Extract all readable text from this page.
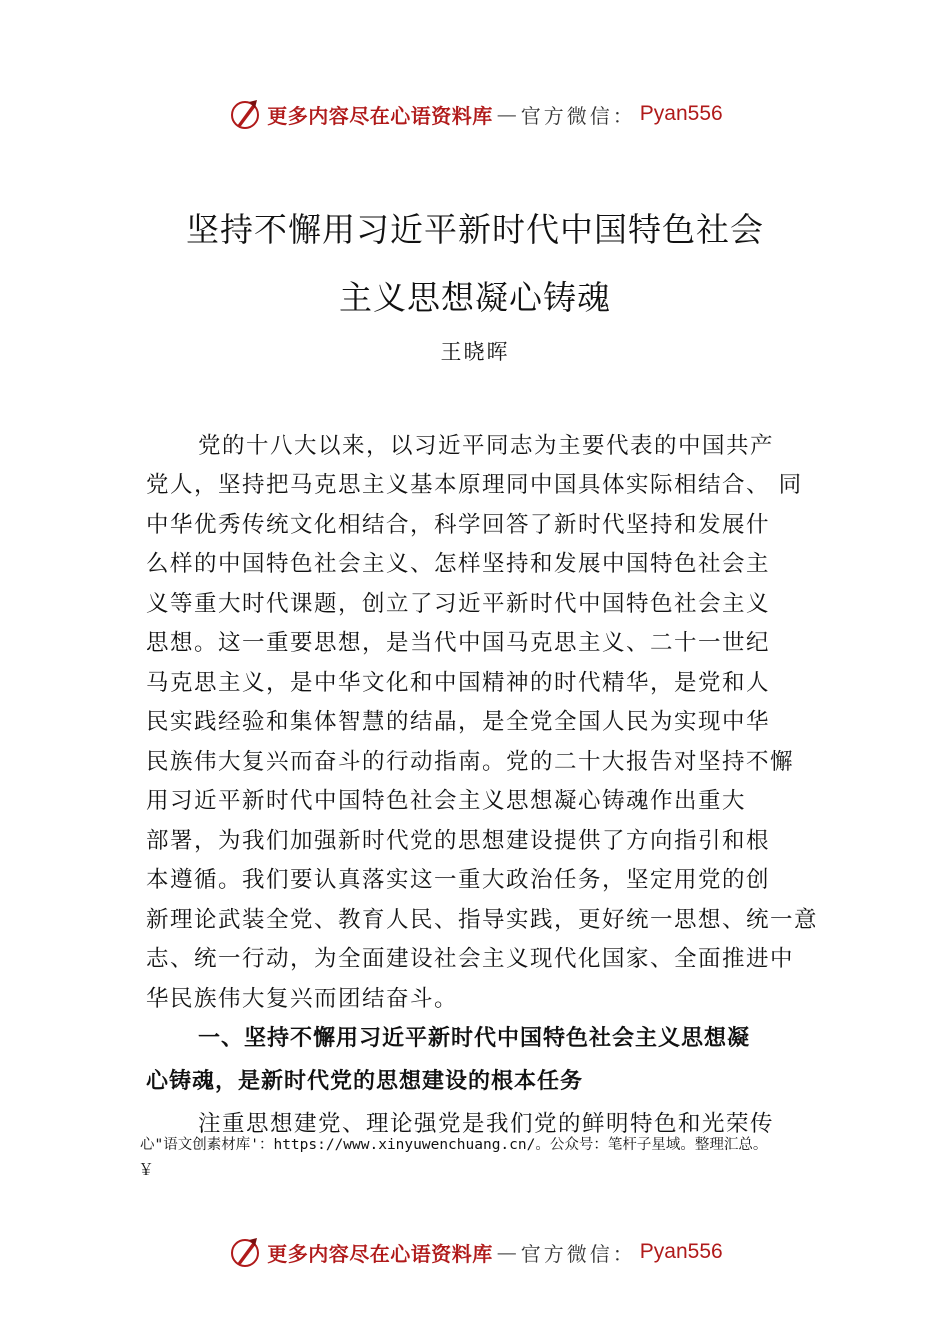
更多内容尽在心语资料库 — 官方微信： Pyan556
坚持不懈用习近平新时代中国特色社会
主义思想凝心铸魂
王晓晖
党的十八大以来，以习近平同志为主要代表的中国共产
党人，坚持把马克思主义基本原理同中国具体实际相结合、 同
中华优秀传统文化相结合，科学回答了新时代坚持和发展什
么样的中国特色社会主义、怎样坚持和发展中国特色社会主
义等重大时代课题，创立了习近平新时代中国特色社会主义
思想。这一重要思想，是当代中国马克思主义、二十一世纪
马克思主义，是中华文化和中国精神的时代精华，是党和人
民实践经验和集体智慧的结晶，是全党全国人民为实现中华
民族伟大复兴而奋斗的行动指南。党的二十大报告对坚持不懈
用习近平新时代中国特色社会主义思想凝心铸魂作出重大
部署，为我们加强新时代党的思想建设提供了方向指引和根
本遵循。我们要认真落实这一重大政治任务，坚定用党的创
新理论武装全党、教育人民、指导实践，更好统一思想、统一意
志、统一行动，为全面建设社会主义现代化国家、全面推进中
华民族伟大复兴而团结奋斗。
一、坚持不懈用习近平新时代中国特色社会主义思想凝
心铸魂，是新时代党的思想建设的根本任务
注重思想建党、理论强党是我们党的鲜明特色和光荣传
心"语文创素材库'：https://www.xinyuwenchuang.cn/。公众号：笔杆子星域。整理汇总。
￥
更多内容尽在心语资料库 — 官方微信： Pyan556
